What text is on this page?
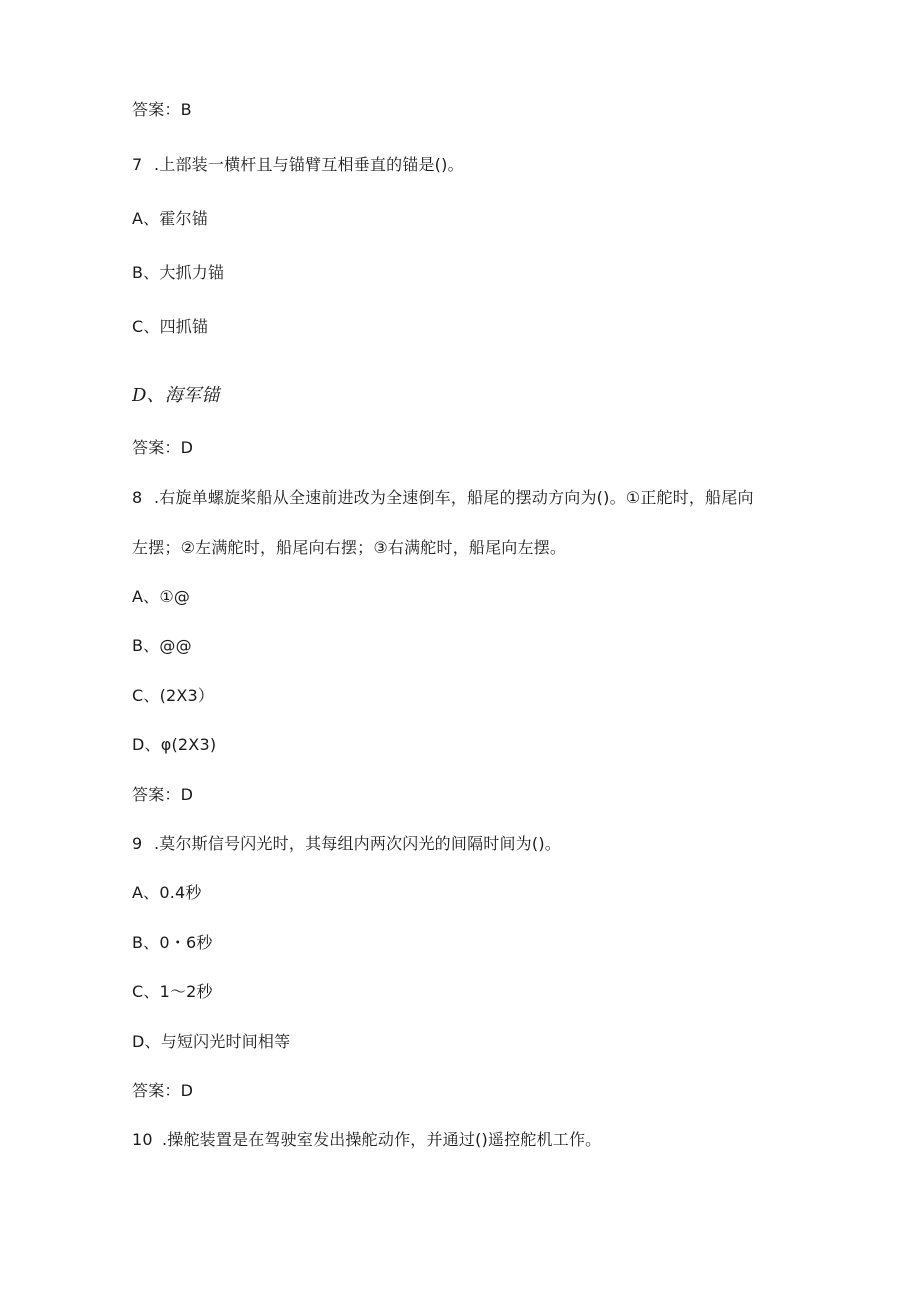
答案：B
7 .上部装一横杆且与锚臂互相垂直的锚是()。
A、霍尔锚
B、大抓力锚
C、四抓锚
D、海军锚
答案：D
8 .右旋单螺旋桨船从全速前进改为全速倒车，船尾的摆动方向为()。①正舵时，船尾向
左摆；②左满舵时，船尾向右摆；③右满舵时，船尾向左摆。
A、①@
B、@@
C、(2X3）
D、φ(2X3)
答案：D
9 .莫尔斯信号闪光时，其每组内两次闪光的间隔时间为()。
A、0.4秒
B、0・6秒
C、1〜2秒
D、与短闪光时间相等
答案：D
10 .操舵装置是在驾驶室发出操舵动作，并通过()遥控舵机工作。
